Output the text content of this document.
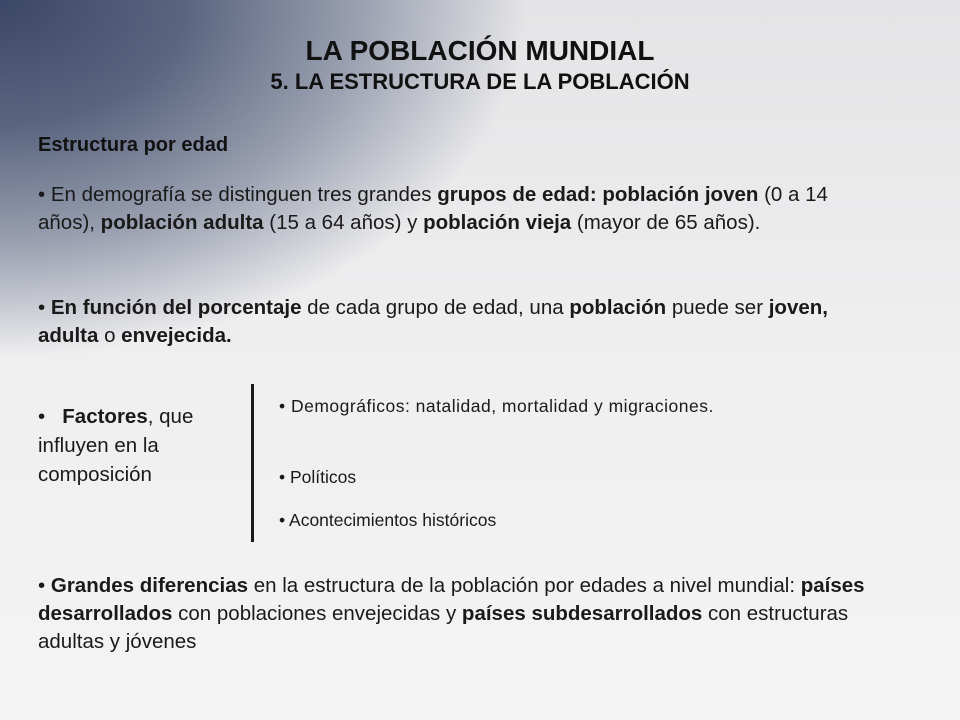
LA POBLACIÓN MUNDIAL
5. LA ESTRUCTURA DE LA POBLACIÓN
Estructura por edad
• En demografía se distinguen tres grandes grupos de edad: población joven (0 a 14 años), población adulta (15 a 64 años) y población vieja (mayor de 65 años).
• En función del porcentaje de cada grupo de edad, una población puede ser joven, adulta o envejecida.
• Factores, que influyen en la composición
• Demográficos: natalidad, mortalidad y migraciones.
• Políticos
• Acontecimientos históricos
• Grandes diferencias en la estructura de la población por edades a nivel mundial: países desarrollados con poblaciones envejecidas y países subdesarrollados con estructuras adultas y jóvenes
